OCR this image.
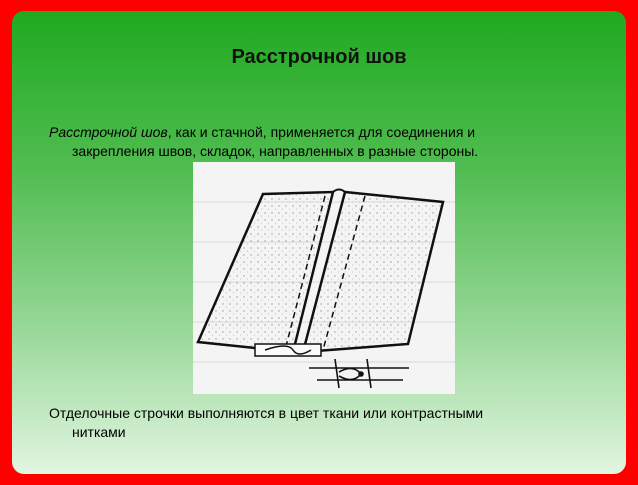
Расстрочной шов

Расстрочной шов, как и стачной, применяется для соединения и
закрепления швов, складок, направленных в разные стороны.

Отделочные строчки выполняются в цвет ткани или контрастными
нитками
